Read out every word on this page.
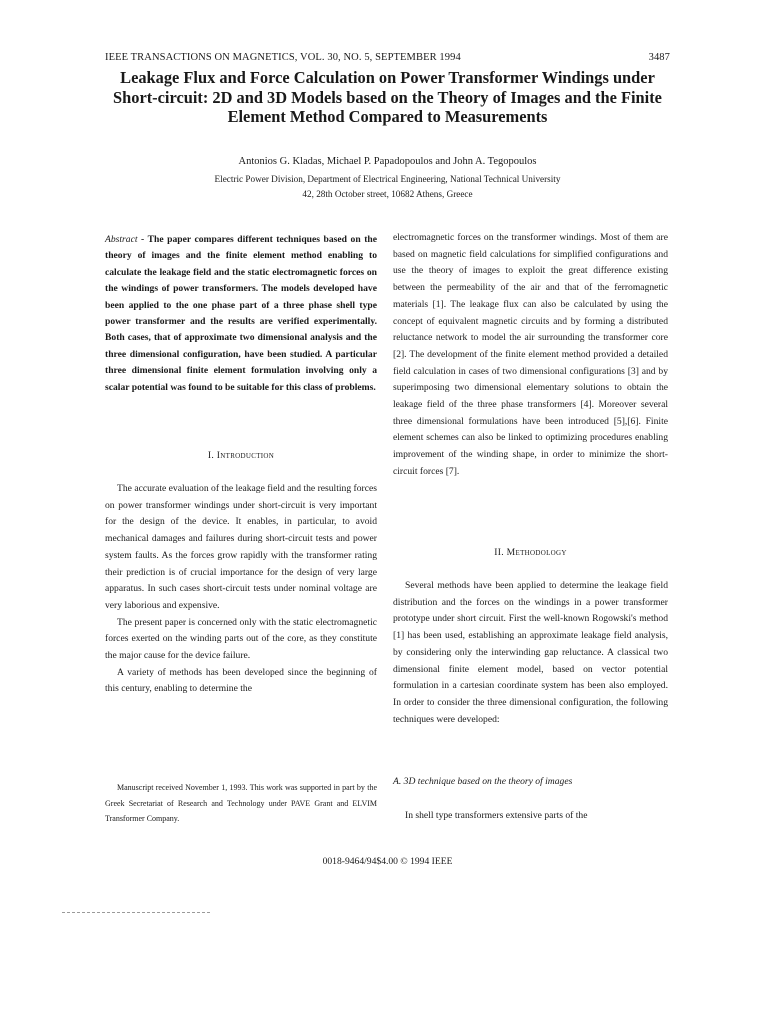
IEEE TRANSACTIONS ON MAGNETICS, VOL. 30, NO. 5, SEPTEMBER 1994	3487
Leakage Flux and Force Calculation on Power Transformer Windings under Short-circuit: 2D and 3D Models based on the Theory of Images and the Finite Element Method Compared to Measurements
Antonios G. Kladas, Michael P. Papadopoulos and John A. Tegopoulos
Electric Power Division, Department of Electrical Engineering, National Technical University
42, 28th October street, 10682 Athens, Greece
Abstract - The paper compares different techniques based on the theory of images and the finite element method enabling to calculate the leakage field and the static electromagnetic forces on the windings of power transformers. The models developed have been applied to the one phase part of a three phase shell type power transformer and the results are verified experimentally. Both cases, that of approximate two dimensional analysis and the three dimensional configuration, have been studied. A particular three dimensional finite element formulation involving only a scalar potential was found to be suitable for this class of problems.
I. Introduction

The accurate evaluation of the leakage field and the resulting forces on power transformer windings under short-circuit is very important for the design of the device. It enables, in particular, to avoid mechanical damages and failures during short-circuit tests and power system faults. As the forces grow rapidly with the transformer rating their prediction is of crucial importance for the design of very large apparatus. In such cases short-circuit tests under nominal voltage are very laborious and expensive.

The present paper is concerned only with the static electromagnetic forces exerted on the winding parts out of the core, as they constitute the major cause for the device failure.

A variety of methods has been developed since the beginning of this century, enabling to determine the

Manuscript received November 1, 1993. This work was supported in part by the Greek Secretariat of Research and Technology under PAVE Grant and ELVIM Transformer Company.

electromagnetic forces on the transformer windings. Most of them are based on magnetic field calculations for simplified configurations and use the theory of images to exploit the great difference existing between the permeability of the air and that of the ferromagnetic materials [1]. The leakage flux can also be calculated by using the concept of equivalent magnetic circuits and by forming a distributed reluctance network to model the air surrounding the transformer core [2]. The development of the finite element method provided a detailed field calculation in cases of two dimensional configurations [3] and by superimposing two dimensional elementary solutions to obtain the leakage field of the three phase transformers [4]. Moreover several three dimensional formulations have been introduced [5],[6]. Finite element schemes can also be linked to optimizing procedures enabling improvement of the winding shape, in order to minimize the short-circuit forces [7].

II. Methodology

Several methods have been applied to determine the leakage field distribution and the forces on the windings in a power transformer prototype under short circuit. First the well-known Rogowski's method [1] has been used, establishing an approximate leakage field analysis, by considering only the interwinding gap reluctance. A classical two dimensional finite element model, based on vector potential formulation in a cartesian coordinate system has been also employed. In order to consider the three dimensional configuration, the following techniques were developed:

A. 3D technique based on the theory of images

In shell type transformers extensive parts of the

0018-9464/94$4.00 © 1994 IEEE
